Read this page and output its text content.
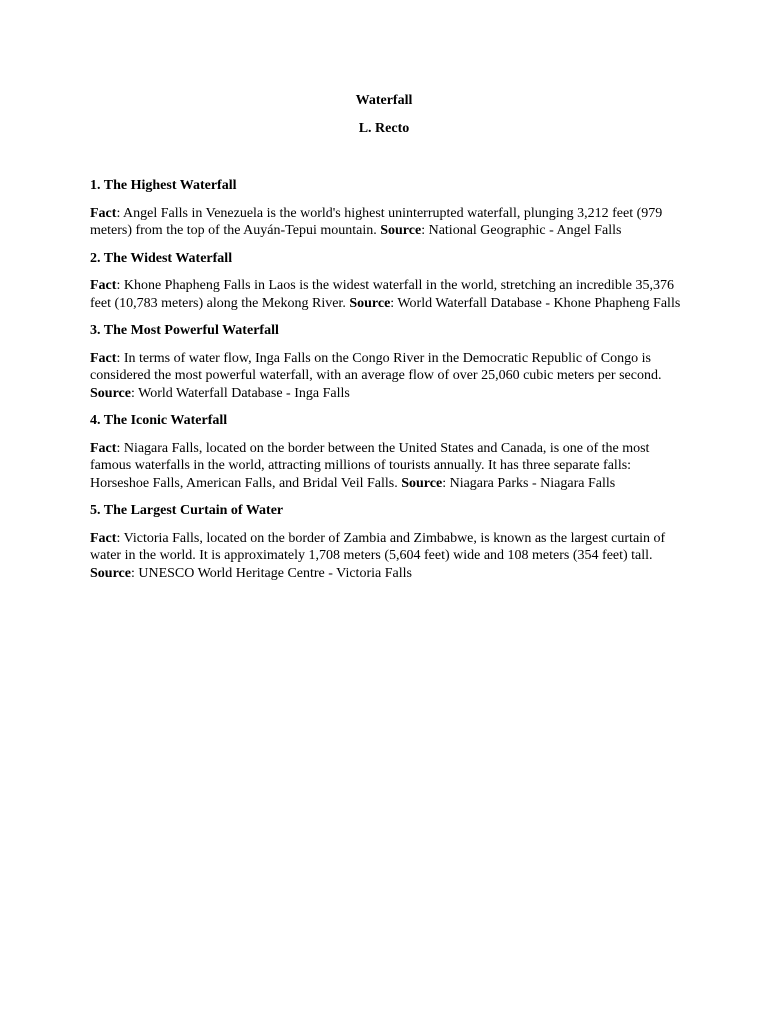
Waterfall
L. Recto

1. The Highest Waterfall

Fact: Angel Falls in Venezuela is the world's highest uninterrupted waterfall, plunging 3,212 feet (979 meters) from the top of the Auyán-Tepui mountain. Source: National Geographic - Angel Falls

2. The Widest Waterfall

Fact: Khone Phapheng Falls in Laos is the widest waterfall in the world, stretching an incredible 35,376 feet (10,783 meters) along the Mekong River. Source: World Waterfall Database - Khone Phapheng Falls

3. The Most Powerful Waterfall

Fact: In terms of water flow, Inga Falls on the Congo River in the Democratic Republic of Congo is considered the most powerful waterfall, with an average flow of over 25,060 cubic meters per second. Source: World Waterfall Database - Inga Falls

4. The Iconic Waterfall

Fact: Niagara Falls, located on the border between the United States and Canada, is one of the most famous waterfalls in the world, attracting millions of tourists annually. It has three separate falls: Horseshoe Falls, American Falls, and Bridal Veil Falls. Source: Niagara Parks - Niagara Falls

5. The Largest Curtain of Water

Fact: Victoria Falls, located on the border of Zambia and Zimbabwe, is known as the largest curtain of water in the world. It is approximately 1,708 meters (5,604 feet) wide and 108 meters (354 feet) tall. Source: UNESCO World Heritage Centre - Victoria Falls
